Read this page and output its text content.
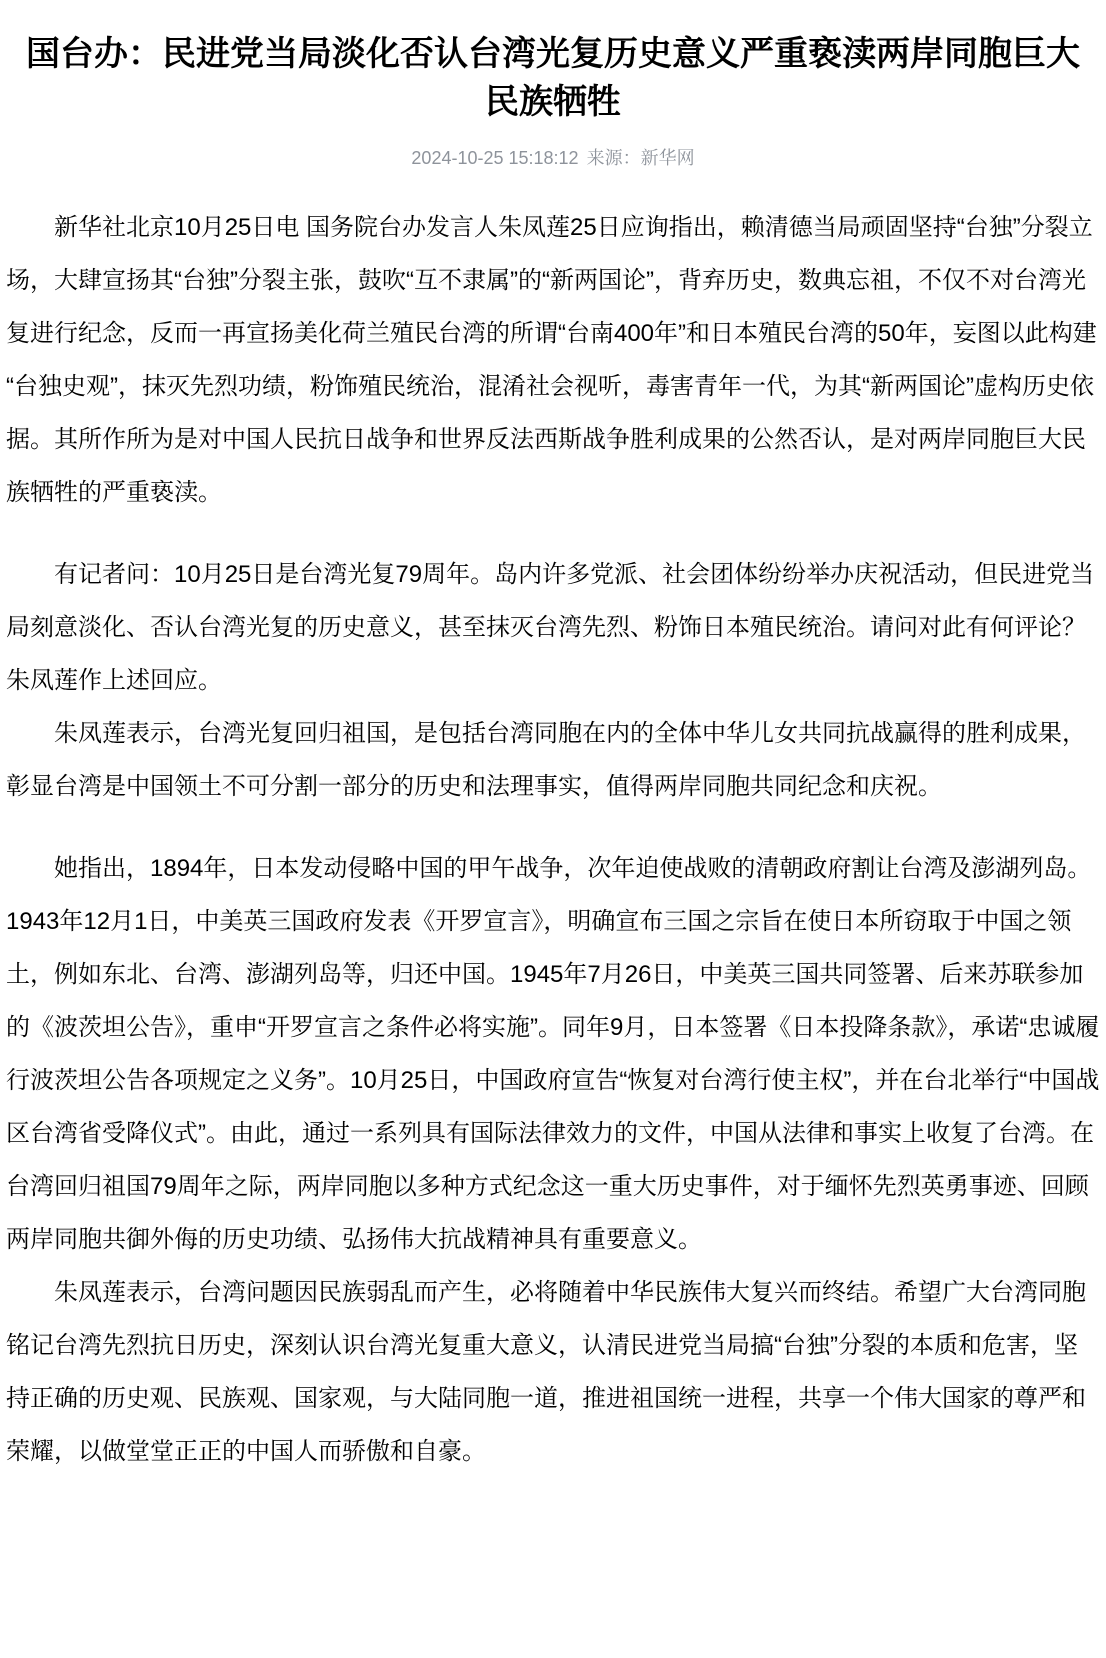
国台办：民进党当局淡化否认台湾光复历史意义严重亵渎两岸同胞巨大民族牺牲
2024-10-25 15:18:12 来源：新华网

新华社北京10月25日电 国务院台办发言人朱凤莲25日应询指出，赖清德当局顽固坚持“台独”分裂立场，大肆宣扬其“台独”分裂主张，鼓吹“互不隶属”的“新两国论”，背弃历史，数典忘祖，不仅不对台湾光复进行纪念，反而一再宣扬美化荷兰殖民台湾的所谓“台南400年”和日本殖民台湾的50年，妄图以此构建“台独史观”，抹灭先烈功绩，粉饰殖民统治，混淆社会视听，毒害青年一代，为其“新两国论”虚构历史依据。其所作所为是对中国人民抗日战争和世界反法西斯战争胜利成果的公然否认，是对两岸同胞巨大民族牺牲的严重亵渎。

有记者问：10月25日是台湾光复79周年。岛内许多党派、社会团体纷纷举办庆祝活动，但民进党当局刻意淡化、否认台湾光复的历史意义，甚至抹灭台湾先烈、粉饰日本殖民统治。请问对此有何评论？朱凤莲作上述回应。

朱凤莲表示，台湾光复回归祖国，是包括台湾同胞在内的全体中华儿女共同抗战赢得的胜利成果，彰显台湾是中国领土不可分割一部分的历史和法理事实，值得两岸同胞共同纪念和庆祝。

她指出，1894年，日本发动侵略中国的甲午战争，次年迫使战败的清朝政府割让台湾及澎湖列岛。1943年12月1日，中美英三国政府发表《开罗宣言》，明确宣布三国之宗旨在使日本所窃取于中国之领土，例如东北、台湾、澎湖列岛等，归还中国。1945年7月26日，中美英三国共同签署、后来苏联参加的《波茨坦公告》，重申“开罗宣言之条件必将实施”。同年9月，日本签署《日本投降条款》，承诺“忠诚履行波茨坦公告各项规定之义务”。10月25日，中国政府宣告“恢复对台湾行使主权”，并在台北举行“中国战区台湾省受降仪式”。由此，通过一系列具有国际法律效力的文件，中国从法律和事实上收复了台湾。在台湾回归祖国79周年之际，两岸同胞以多种方式纪念这一重大历史事件，对于缅怀先烈英勇事迹、回顾两岸同胞共御外侮的历史功绩、弘扬伟大抗战精神具有重要意义。

朱凤莲表示，台湾问题因民族弱乱而产生，必将随着中华民族伟大复兴而终结。希望广大台湾同胞铭记台湾先烈抗日历史，深刻认识台湾光复重大意义，认清民进党当局搞“台独”分裂的本质和危害，坚持正确的历史观、民族观、国家观，与大陆同胞一道，推进祖国统一进程，共享一个伟大国家的尊严和荣耀，以做堂堂正正的中国人而骄傲和自豪。
